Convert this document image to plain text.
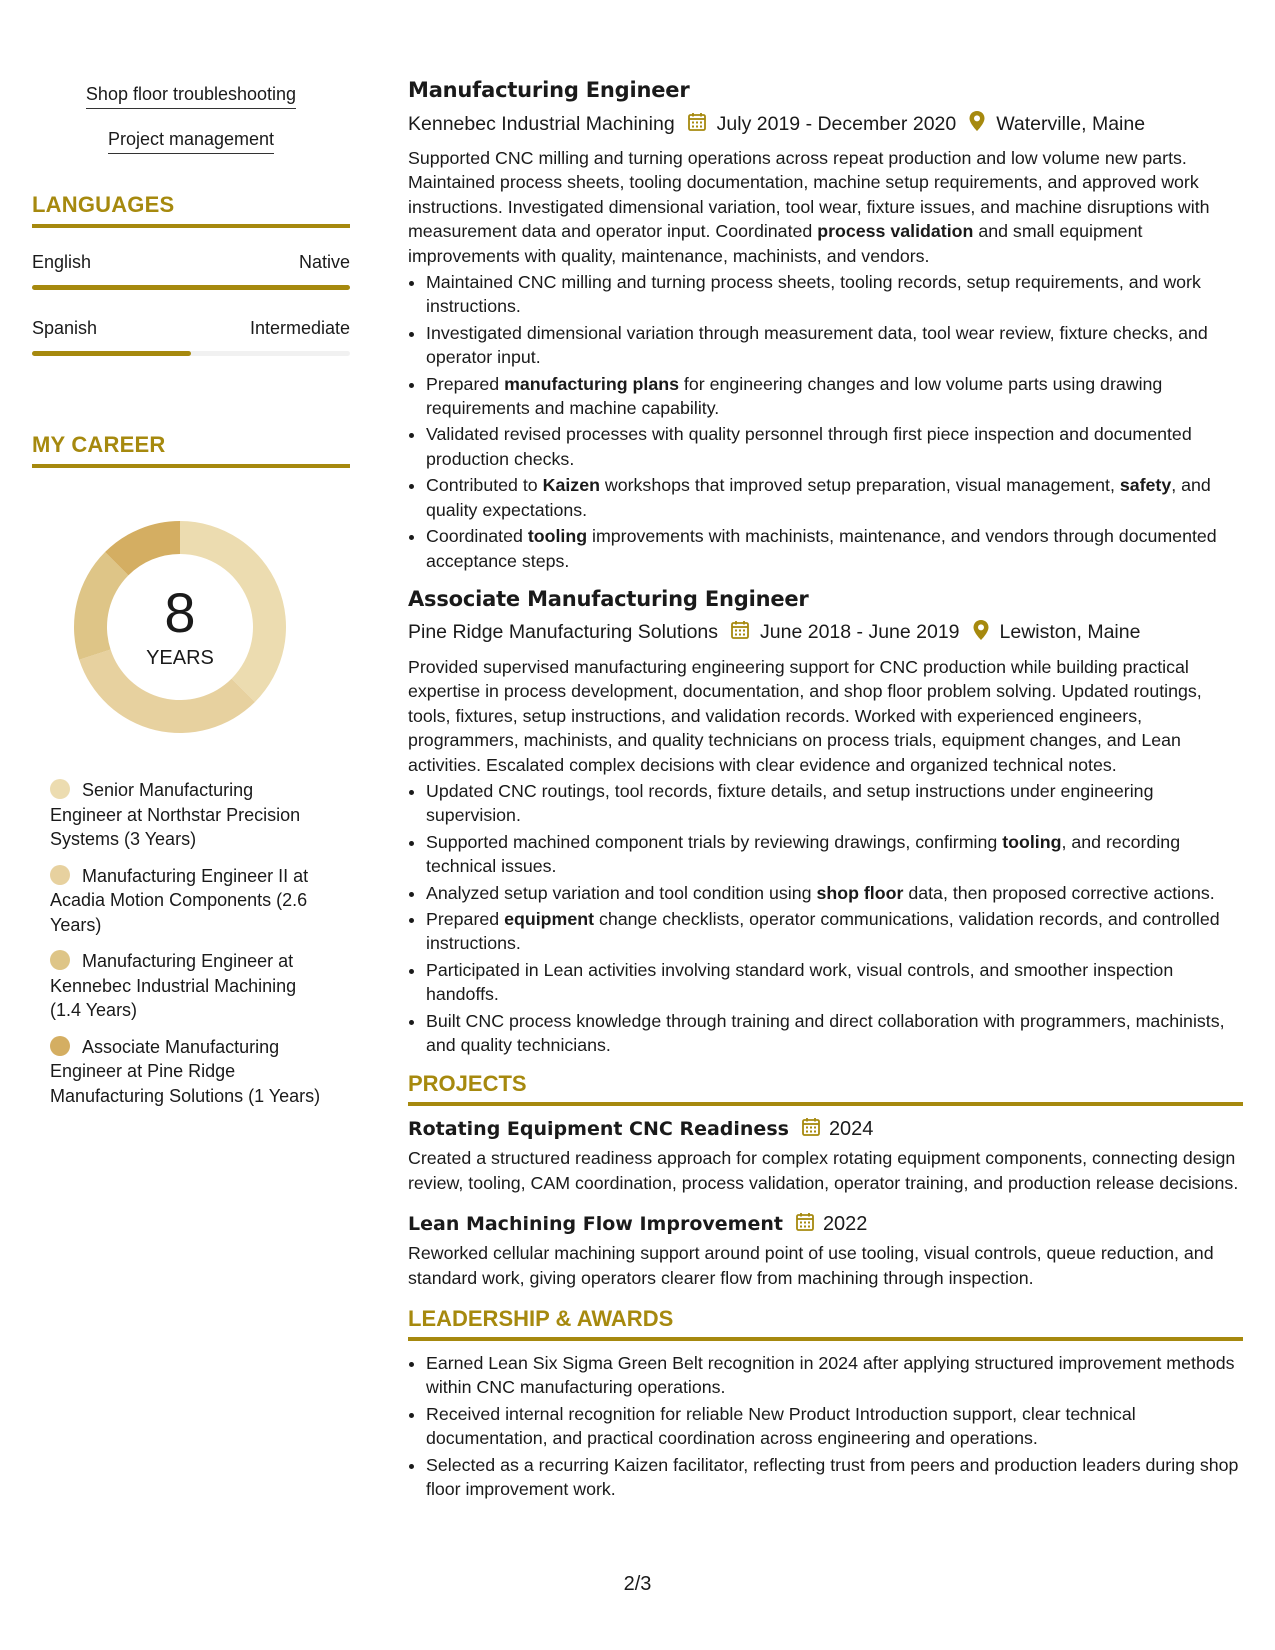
Shop floor troubleshooting
Project management
LANGUAGES
English	Native
Spanish	Intermediate
MY CAREER
8
YEARS
Senior Manufacturing Engineer at Northstar Precision Systems (3 Years)
Manufacturing Engineer II at Acadia Motion Components (2.6 Years)
Manufacturing Engineer at Kennebec Industrial Machining (1.4 Years)
Associate Manufacturing Engineer at Pine Ridge Manufacturing Solutions (1 Years)
Manufacturing Engineer
Kennebec Industrial Machining July 2019 - December 2020 Waterville, Maine

Supported CNC milling and turning operations across repeat production and low volume new parts. Maintained process sheets, tooling documentation, machine setup requirements, and approved work instructions. Investigated dimensional variation, tool wear, fixture issues, and machine disruptions with measurement data and operator input. Coordinated process validation and small equipment improvements with quality, maintenance, machinists, and vendors.

• Maintained CNC milling and turning process sheets, tooling records, setup requirements, and work instructions.
• Investigated dimensional variation through measurement data, tool wear review, fixture checks, and operator input.
• Prepared manufacturing plans for engineering changes and low volume parts using drawing requirements and machine capability.
• Validated revised processes with quality personnel through first piece inspection and documented production checks.
• Contributed to Kaizen workshops that improved setup preparation, visual management, safety, and quality expectations.
• Coordinated tooling improvements with machinists, maintenance, and vendors through documented acceptance steps.
Associate Manufacturing Engineer
Pine Ridge Manufacturing Solutions June 2018 - June 2019 Lewiston, Maine

Provided supervised manufacturing engineering support for CNC production while building practical expertise in process development, documentation, and shop floor problem solving. Updated routings, tools, fixtures, setup instructions, and validation records. Worked with experienced engineers, programmers, machinists, and quality technicians on process trials, equipment changes, and Lean activities. Escalated complex decisions with clear evidence and organized technical notes.

• Updated CNC routings, tool records, fixture details, and setup instructions under engineering supervision.
• Supported machined component trials by reviewing drawings, confirming tooling, and recording technical issues.
• Analyzed setup variation and tool condition using shop floor data, then proposed corrective actions.
• Prepared equipment change checklists, operator communications, validation records, and controlled instructions.
• Participated in Lean activities involving standard work, visual controls, and smoother inspection handoffs.
• Built CNC process knowledge through training and direct collaboration with programmers, machinists, and quality technicians.
PROJECTS
Rotating Equipment CNC Readiness 2024

Created a structured readiness approach for complex rotating equipment components, connecting design review, tooling, CAM coordination, process validation, operator training, and production release decisions.

Lean Machining Flow Improvement 2022

Reworked cellular machining support around point of use tooling, visual controls, queue reduction, and standard work, giving operators clearer flow from machining through inspection.

LEADERSHIP & AWARDS
• Earned Lean Six Sigma Green Belt recognition in 2024 after applying structured improvement methods within CNC manufacturing operations.
• Received internal recognition for reliable New Product Introduction support, clear technical documentation, and practical coordination across engineering and operations.
• Selected as a recurring Kaizen facilitator, reflecting trust from peers and production leaders during shop floor improvement work.
2/3
